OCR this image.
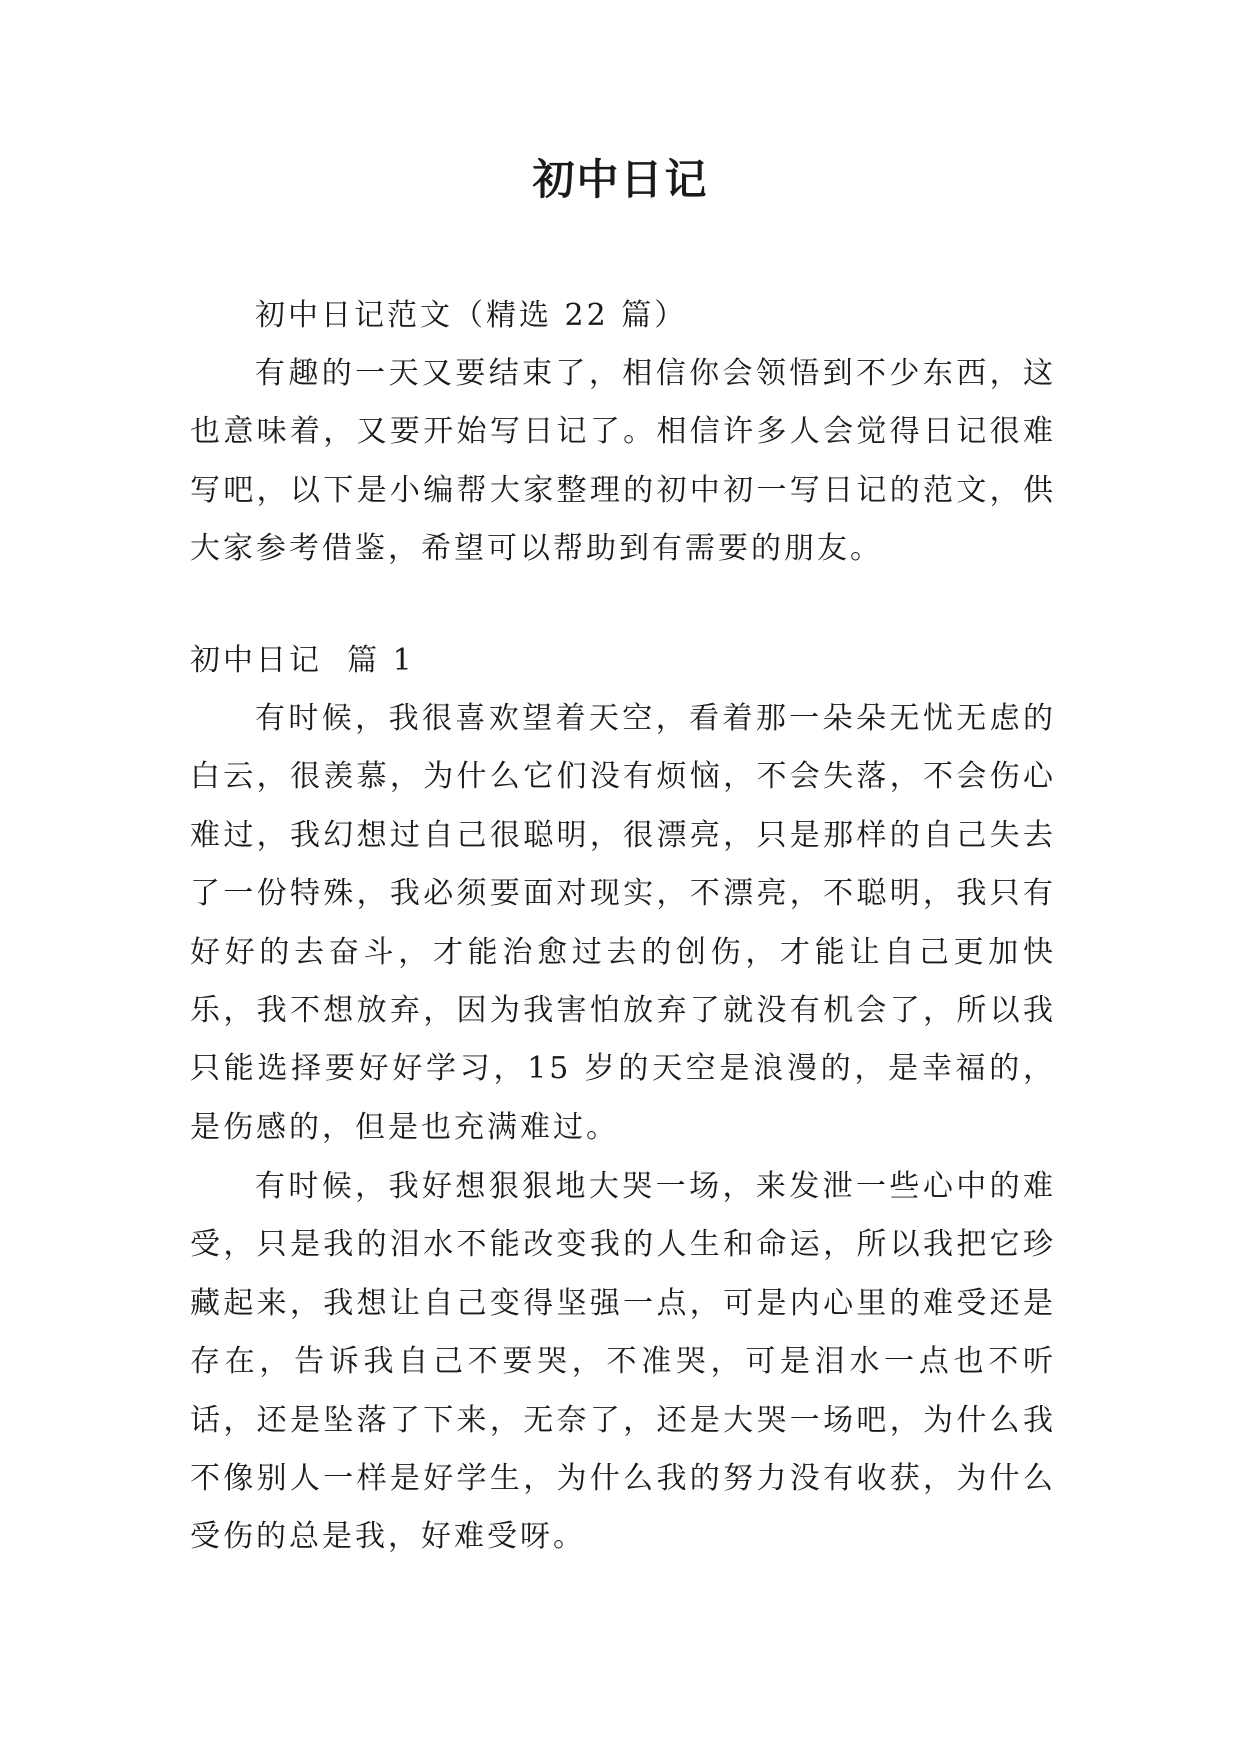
初中日记

初中日记范文（精选 22 篇）

有趣的一天又要结束了，相信你会领悟到不少东西，这也意味着，又要开始写日记了。相信许多人会觉得日记很难写吧，以下是小编帮大家整理的初中初一写日记的范文，供大家参考借鉴，希望可以帮助到有需要的朋友。

初中日记  篇 1

有时候，我很喜欢望着天空，看着那一朵朵无忧无虑的白云，很羡慕，为什么它们没有烦恼，不会失落，不会伤心难过，我幻想过自己很聪明，很漂亮，只是那样的自己失去了一份特殊，我必须要面对现实，不漂亮，不聪明，我只有好好的去奋斗，才能治愈过去的创伤，才能让自己更加快乐，我不想放弃，因为我害怕放弃了就没有机会了，所以我只能选择要好好学习，15 岁的天空是浪漫的，是幸福的，是伤感的，但是也充满难过。

有时候，我好想狠狠地大哭一场，来发泄一些心中的难受，只是我的泪水不能改变我的人生和命运，所以我把它珍藏起来，我想让自己变得坚强一点，可是内心里的难受还是存在，告诉我自己不要哭，不准哭，可是泪水一点也不听话，还是坠落了下来，无奈了，还是大哭一场吧，为什么我不像别人一样是好学生，为什么我的努力没有收获，为什么受伤的总是我，好难受呀。
